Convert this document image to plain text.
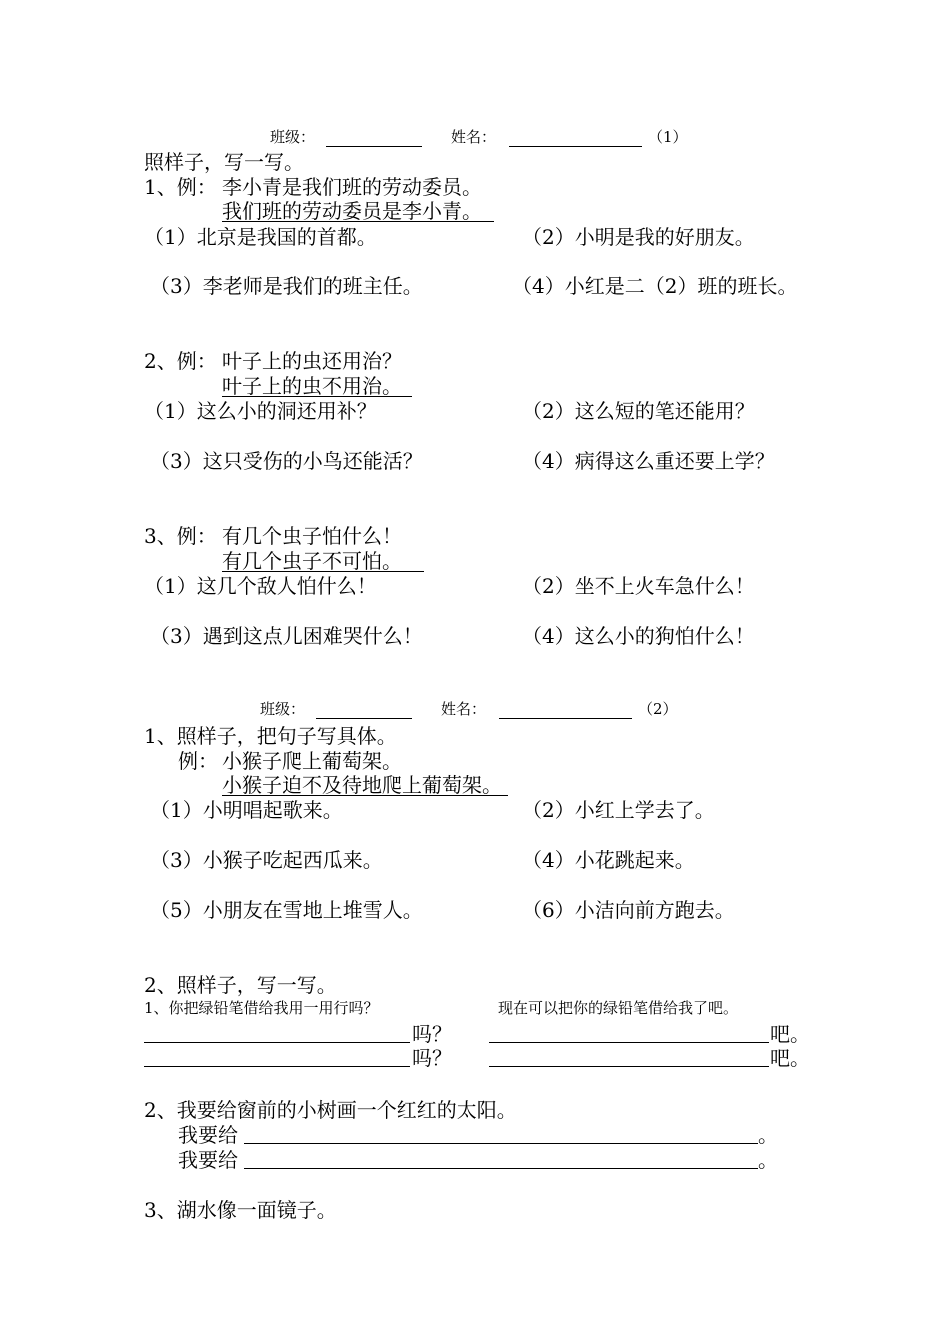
班级：	姓名：	（1）
照样子，写一写。
1、例： 李小青是我们班的劳动委员。
我们班的劳动委员是李小青。
（1）北京是我国的首都。	（2）小明是我的好朋友。
（3）李老师是我们的班主任。	（4）小红是二（2）班的班长。
2、例： 叶子上的虫还用治？
叶子上的虫不用治。
（1）这么小的洞还用补？	（2）这么短的笔还能用？
（3）这只受伤的小鸟还能活？	（4）病得这么重还要上学？
3、例： 有几个虫子怕什么！
有几个虫子不可怕。
（1）这几个敌人怕什么！	（2）坐不上火车急什么！
（3）遇到这点儿困难哭什么！	（4）这么小的狗怕什么！
班级：	姓名：	（2）
1、照样子，把句子写具体。
例： 小猴子爬上葡萄架。
小猴子迫不及待地爬上葡萄架。
（1）小明唱起歌来。	（2）小红上学去了。
（3）小猴子吃起西瓜来。	（4）小花跳起来。
（5）小朋友在雪地上堆雪人。	（6）小洁向前方跑去。
2、照样子，写一写。
1、你把绿铅笔借给我用一用行吗？	现在可以把你的绿铅笔借给我了吧。
吗？	吧。
吗？	吧。
2、我要给窗前的小树画一个红红的太阳。
我要给	。
我要给	。
3、湖水像一面镜子。
